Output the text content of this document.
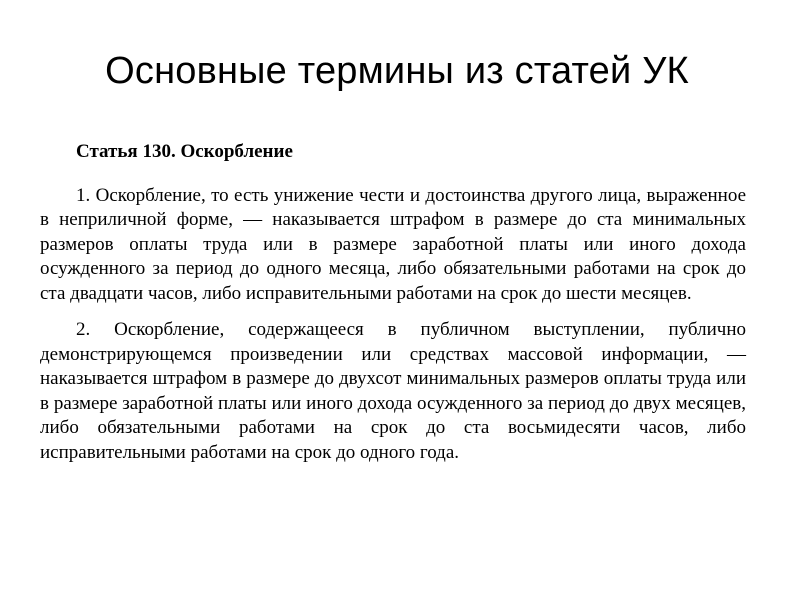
Основные термины из статей УК

Статья 130. Оскорбление

1. Оскорбление, то есть унижение чести и достоинства другого лица, выраженное в неприличной форме, — наказывается штрафом в размере до ста минимальных размеров оплаты труда или в размере заработной платы или иного дохода осужденного за период до одного месяца, либо обязательными работами на срок до ста двадцати часов, либо исправительными работами на срок до шести месяцев.

2. Оскорбление, содержащееся в публичном выступлении, публично демонстрирующемся произведении или средствах массовой информации, — наказывается штрафом в размере до двухсот минимальных размеров оплаты труда или в размере заработной платы или иного дохода осужденного за период до двух месяцев, либо обязательными работами на срок до ста восьмидесяти часов, либо исправительными работами на срок до одного года.
